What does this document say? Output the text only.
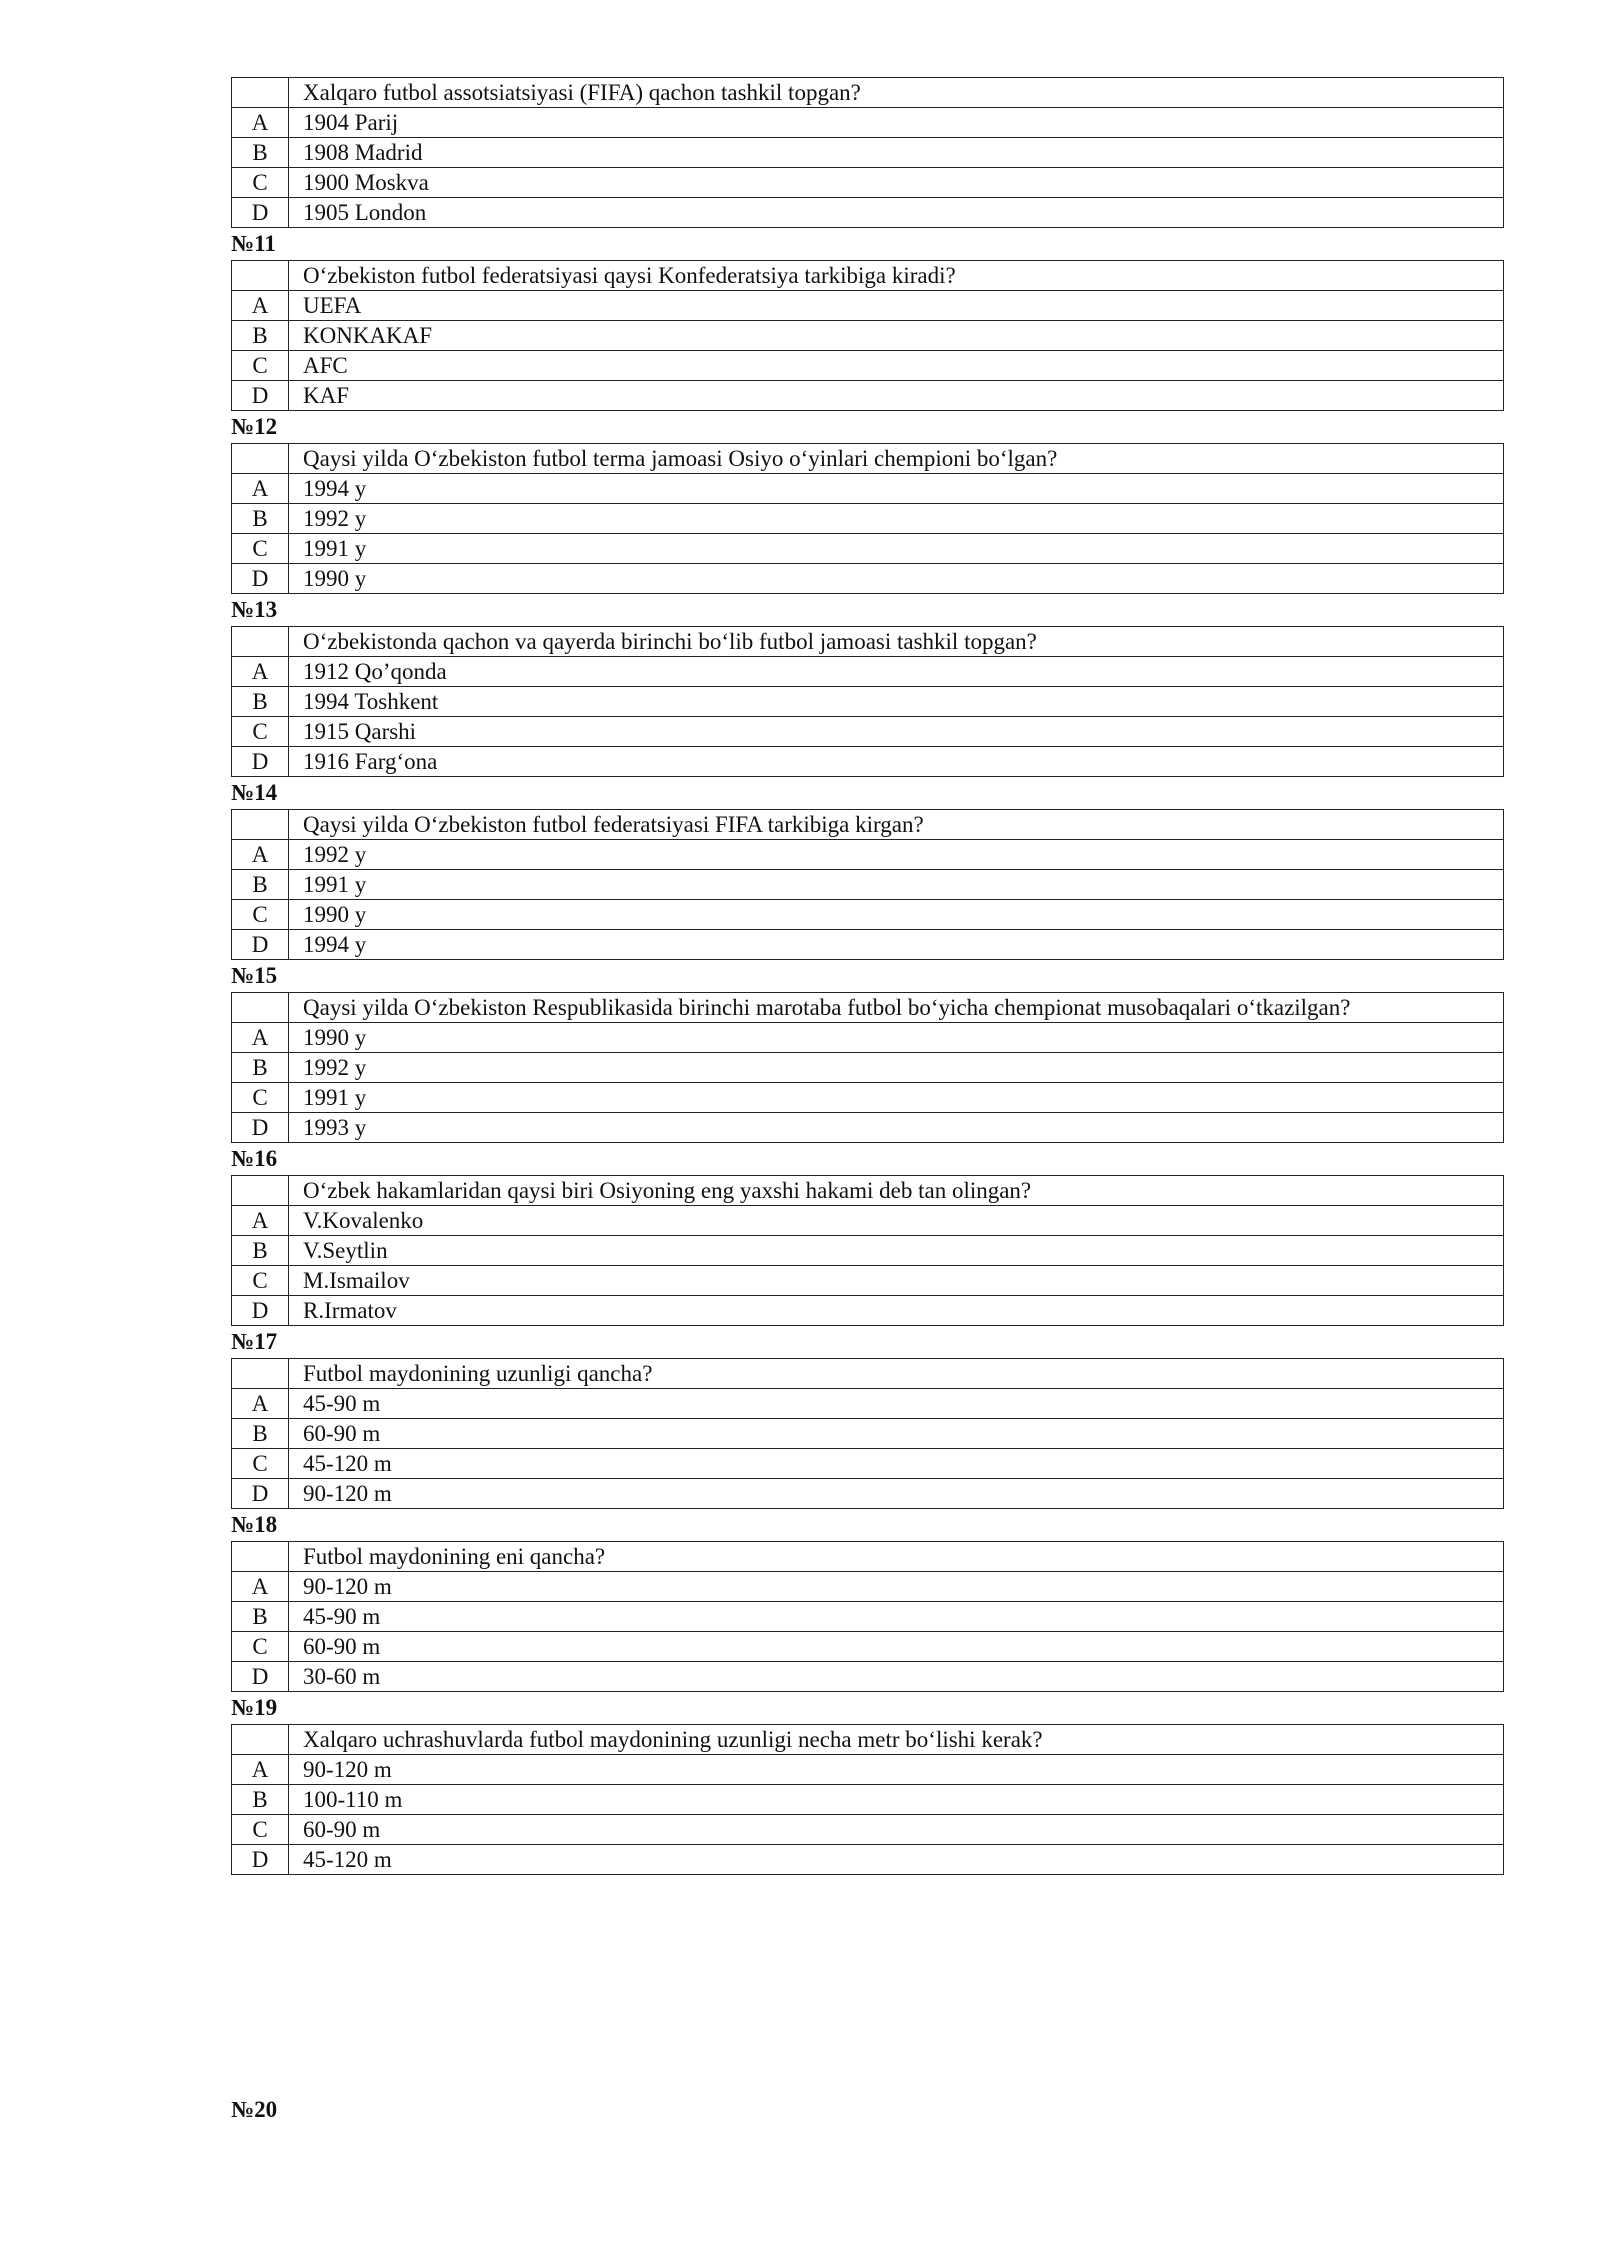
	Xalqaro futbol assotsiatsiyasi (FIFA) qachon tashkil topgan?
A	1904 Parij
B	1908 Madrid
C	1900 Moskva
D	1905 London
№11
	O‘zbekiston futbol federatsiyasi qaysi Konfederatsiya tarkibiga kiradi?
A	UEFA
B	KONKAKAF
C	AFC
D	KAF
№12
	Qaysi yilda O‘zbekiston futbol terma jamoasi Osiyo o‘yinlari chempioni bo‘lgan?
A	1994 y
B	1992 y
C	1991 y
D	1990 y
№13
	O‘zbekistonda qachon va qayerda birinchi bo‘lib futbol jamoasi tashkil topgan?
A	1912 Qo’qonda
B	1994 Toshkent
C	1915 Qarshi
D	1916 Farg‘ona
№14
	Qaysi yilda O‘zbekiston futbol federatsiyasi FIFA tarkibiga kirgan?
A	1992 y
B	1991 y
C	1990 y
D	1994 y
№15
	Qaysi yilda O‘zbekiston Respublikasida birinchi marotaba futbol bo‘yicha chempionat musobaqalari o‘tkazilgan?
A	1990 y
B	1992 y
C	1991 y
D	1993 y
№16
	O‘zbek hakamlaridan qaysi biri Osiyoning eng yaxshi hakami deb tan olingan?
A	V.Kovalenko
B	V.Seytlin
C	M.Ismailov
D	R.Irmatov
№17
	Futbol maydonining uzunligi qancha?
A	45-90 m
B	60-90 m
C	45-120 m
D	90-120 m
№18
	Futbol maydonining eni qancha?
A	90-120 m
B	45-90 m
C	60-90 m
D	30-60 m
№19
	Xalqaro uchrashuvlarda futbol maydonining uzunligi necha metr bo‘lishi kerak?
A	90-120 m
B	100-110 m
C	60-90 m
D	45-120 m
№20
